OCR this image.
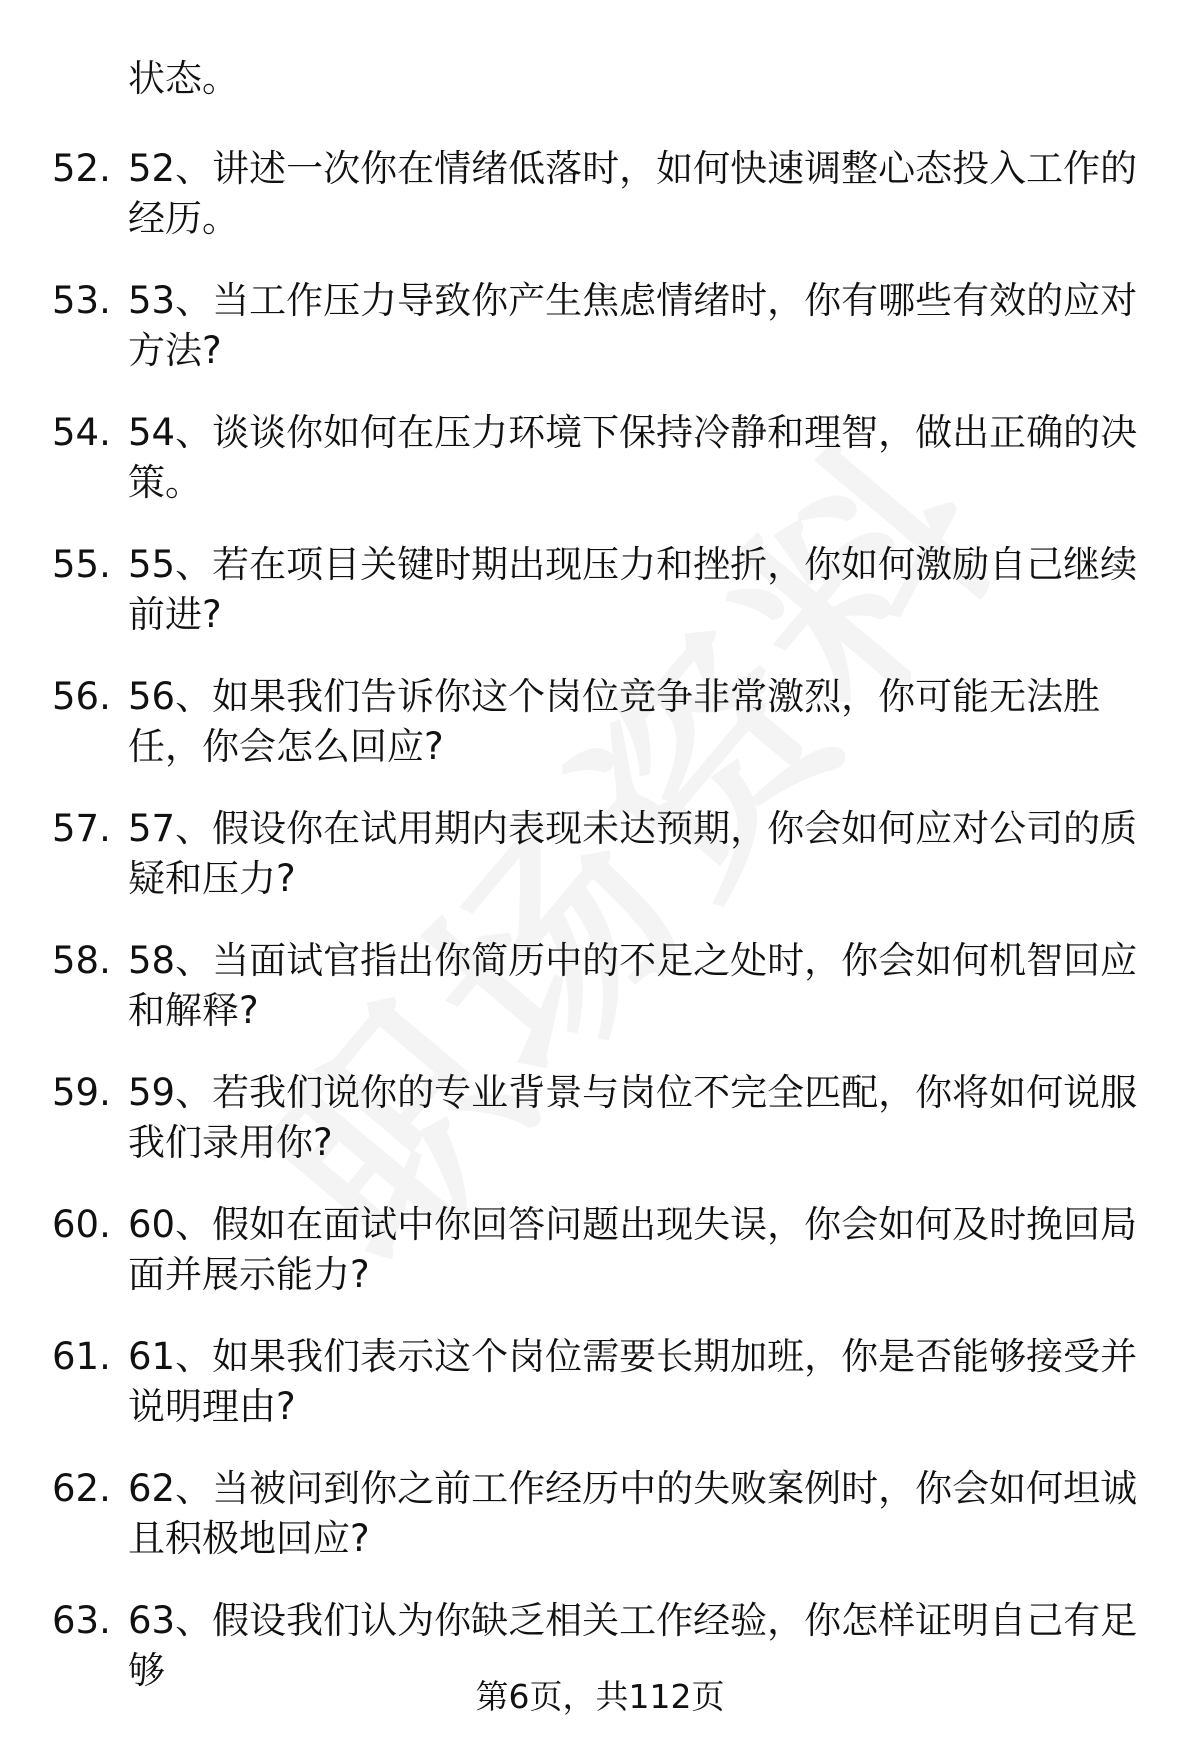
状态。

52. 52、讲述一次你在情绪低落时，如何快速调整心态投入工作的经历。

53. 53、当工作压力导致你产生焦虑情绪时，你有哪些有效的应对方法?

54. 54、谈谈你如何在压力环境下保持冷静和理智，做出正确的决策。

55. 55、若在项目关键时期出现压力和挫折，你如何激励自己继续前进?

56. 56、如果我们告诉你这个岗位竞争非常激烈，你可能无法胜任，你会怎么回应?

57. 57、假设你在试用期内表现未达预期，你会如何应对公司的质疑和压力?

58. 58、当面试官指出你简历中的不足之处时，你会如何机智回应和解释?

59. 59、若我们说你的专业背景与岗位不完全匹配，你将如何说服我们录用你?

60. 60、假如在面试中你回答问题出现失误，你会如何及时挽回局面并展示能力?

61. 61、如果我们表示这个岗位需要长期加班，你是否能够接受并说明理由?

62. 62、当被问到你之前工作经历中的失败案例时，你会如何坦诚且积极地回应?

63. 63、假设我们认为你缺乏相关工作经验，你怎样证明自己有足够

第6页，共112页
